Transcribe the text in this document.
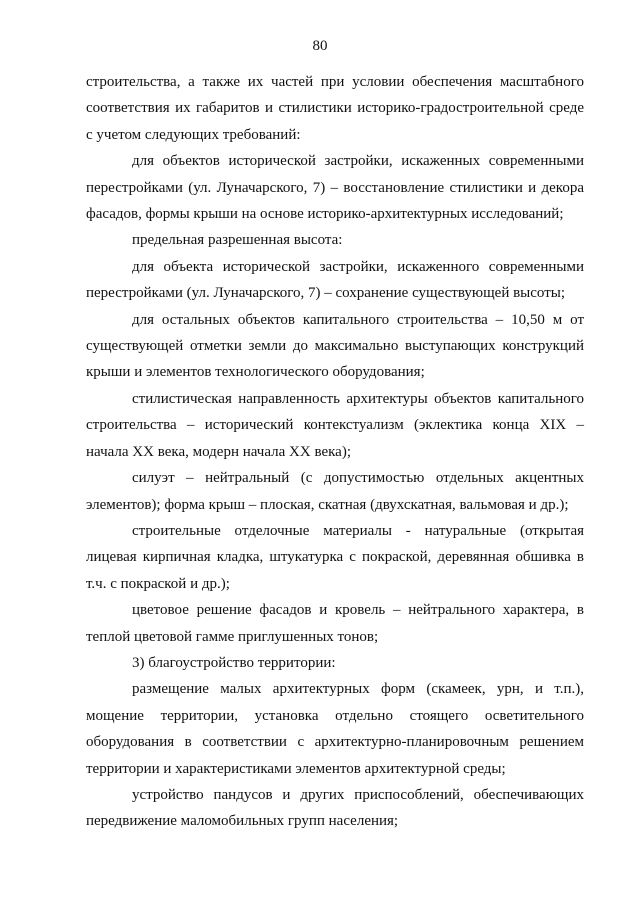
80

строительства, а также их частей при условии обеспечения масштабного соответствия их габаритов и стилистики историко-градостроительной среде с учетом следующих требований:

для объектов исторической застройки, искаженных современными перестройками (ул. Луначарского, 7) – восстановление стилистики и декора фасадов, формы крыши на основе историко-архитектурных исследований;

предельная разрешенная высота:

для объекта исторической застройки, искаженного современными перестройками (ул. Луначарского, 7) – сохранение существующей высоты;

для остальных объектов капитального строительства – 10,50 м от существующей отметки земли до максимально выступающих конструкций крыши и элементов технологического оборудования;

стилистическая направленность архитектуры объектов капитального строительства – исторический контекстуализм (эклектика конца XIX – начала XX века, модерн начала XX века);

силуэт – нейтральный (с допустимостью отдельных акцентных элементов); форма крыш – плоская, скатная (двухскатная, вальмовая и др.);

строительные отделочные материалы - натуральные (открытая лицевая кирпичная кладка, штукатурка с покраской, деревянная обшивка в т.ч. с покраской и др.);

цветовое решение фасадов и кровель – нейтрального характера, в теплой цветовой гамме приглушенных тонов;

3) благоустройство территории:

размещение малых архитектурных форм (скамеек, урн, и т.п.), мощение территории, установка отдельно стоящего осветительного оборудования в соответствии с архитектурно-планировочным решением территории и характеристиками элементов архитектурной среды;

устройство пандусов и других приспособлений, обеспечивающих передвижение маломобильных групп населения;
